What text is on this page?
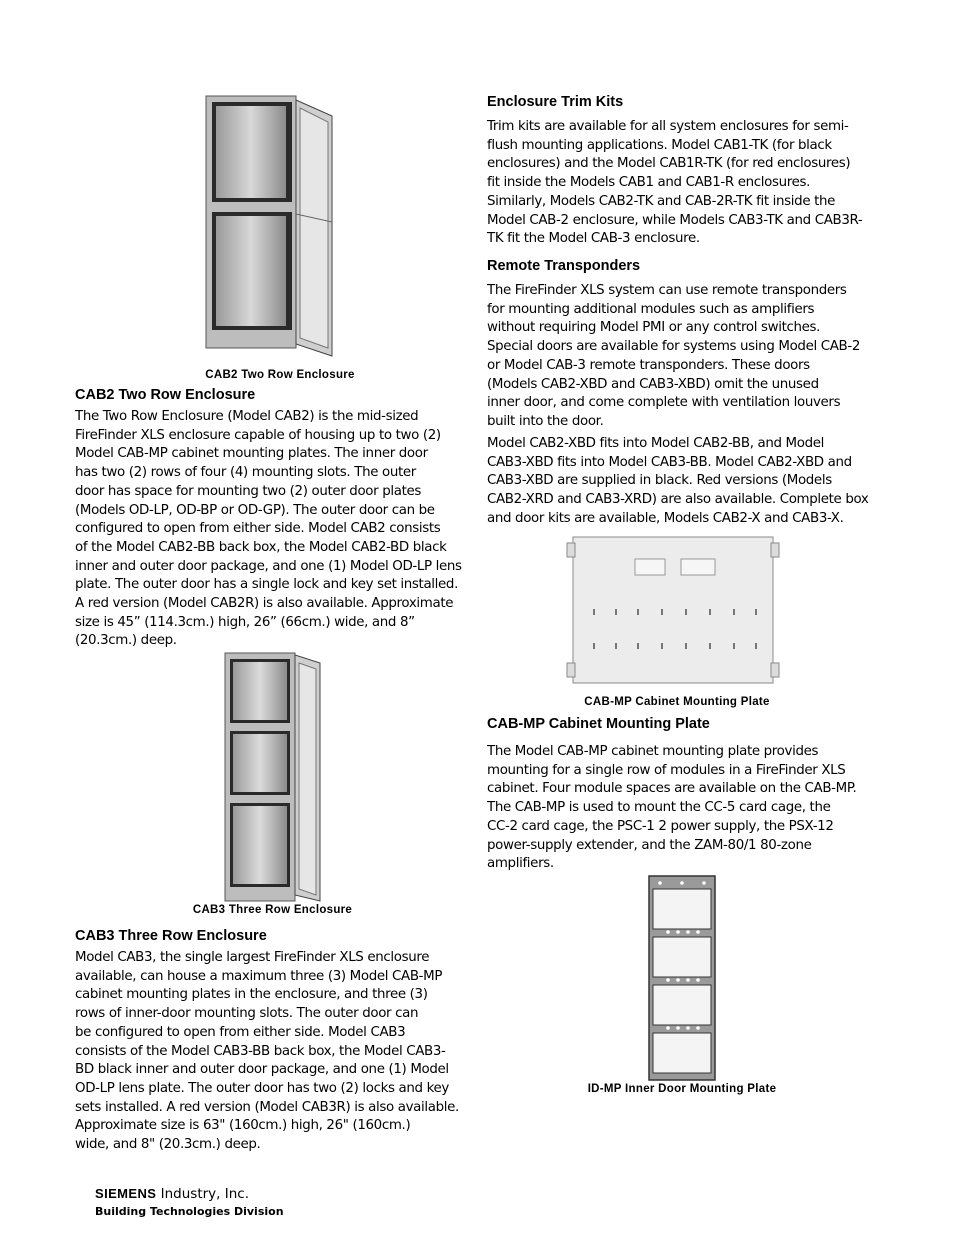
CAB2 Two Row Enclosure
CAB2 Two Row Enclosure
The Two Row Enclosure (Model CAB2) is the mid-sized
FireFinder XLS enclosure capable of housing up to two (2)
Model CAB-MP cabinet mounting plates. The inner door
has two (2) rows of four (4) mounting slots. The outer
door has space for mounting two (2) outer door plates
(Models OD-LP, OD-BP or OD-GP). The outer door can be
configured to open from either side. Model CAB2 consists
of the Model CAB2-BB back box, the Model CAB2-BD black
inner and outer door package, and one (1) Model OD-LP lens
plate. The outer door has a single lock and key set installed.
A red version (Model CAB2R) is also available. Approximate
size is 45” (114.3cm.) high, 26” (66cm.) wide, and 8”
(20.3cm.) deep.
CAB3 Three Row Enclosure
CAB3 Three Row Enclosure
Model CAB3, the single largest FireFinder XLS enclosure
available, can house a maximum three (3) Model CAB-MP
cabinet mounting plates in the enclosure, and three (3)
rows of inner-door mounting slots. The outer door can
be configured to open from either side. Model CAB3
consists of the Model CAB3-BB back box, the Model CAB3-
BD black inner and outer door package, and one (1) Model
OD-LP lens plate. The outer door has two (2) locks and key
sets installed. A red version (Model CAB3R) is also available.
Approximate size is 63" (160cm.) high, 26" (160cm.)
wide, and 8" (20.3cm.) deep.
Enclosure Trim Kits
Trim kits are available for all system enclosures for semi-
flush mounting applications. Model CAB1-TK (for black
enclosures) and the Model CAB1R-TK (for red enclosures)
fit inside the Models CAB1 and CAB1-R enclosures.
Similarly, Models CAB2-TK and CAB-2R-TK fit inside the
Model CAB-2 enclosure, while Models CAB3-TK and CAB3R-
TK fit the Model CAB-3 enclosure.
Remote Transponders
The FireFinder XLS system can use remote transponders
for mounting additional modules such as amplifiers
without requiring Model PMI or any control switches.
Special doors are available for systems using Model CAB-2
or Model CAB-3 remote transponders. These doors
(Models CAB2-XBD and CAB3-XBD) omit the unused
inner door, and come complete with ventilation louvers
built into the door.
Model CAB2-XBD fits into Model CAB2-BB, and Model
CAB3-XBD fits into Model CAB3-BB. Model CAB2-XBD and
CAB3-XBD are supplied in black. Red versions (Models
CAB2-XRD and CAB3-XRD) are also available. Complete box
and door kits are available, Models CAB2-X and CAB3-X.
CAB-MP Cabinet Mounting Plate
CAB-MP Cabinet Mounting Plate
The Model CAB-MP cabinet mounting plate provides
mounting for a single row of modules in a FireFinder XLS
cabinet. Four module spaces are available on the CAB-MP.
The CAB-MP is used to mount the CC-5 card cage, the
CC-2 card cage, the PSC-1 2 power supply, the PSX-12
power-supply extender, and the ZAM-80/1 80-zone
amplifiers.
ID-MP Inner Door Mounting Plate
SIEMENS Industry, Inc.
Building Technologies Division
